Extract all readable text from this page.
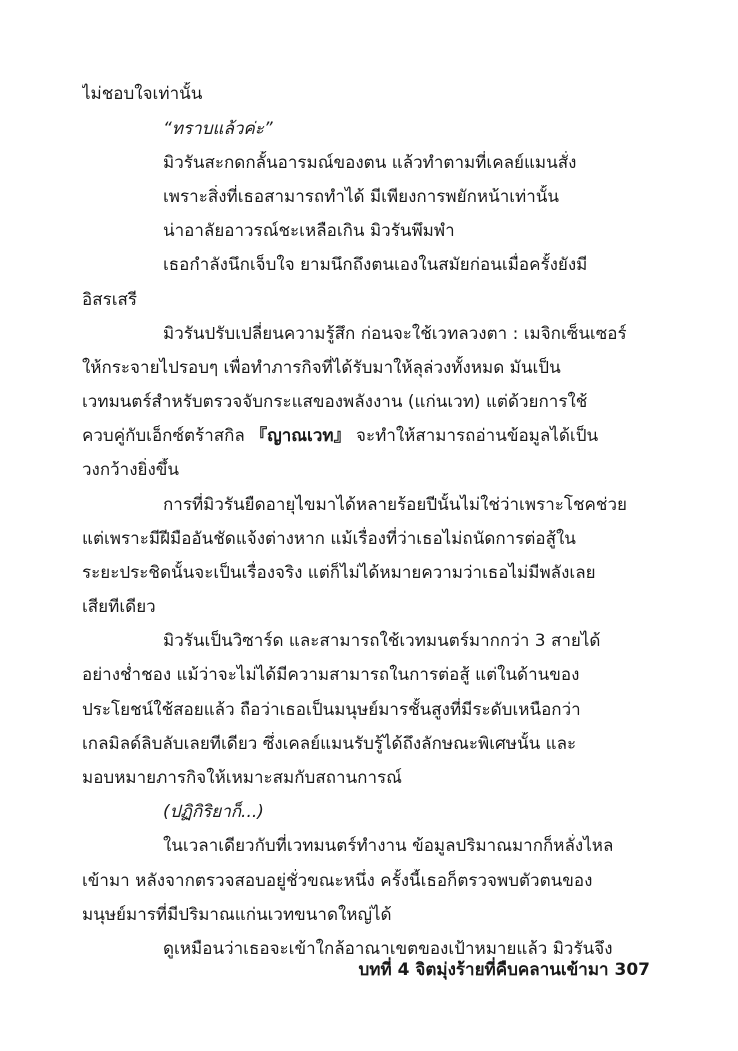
ไม่ชอบใจเท่านั้น
“ทราบแล้วค่ะ”
มิวรันสะกดกลั้นอารมณ์ของตน แล้วทำตามที่เคลย์แมนสั่ง
เพราะสิ่งที่เธอสามารถทำได้ มีเพียงการพยักหน้าเท่านั้น
น่าอาลัยอาวรณ์ชะเหลือเกิน มิวรันพึมพำ
เธอกำลังนึกเจ็บใจ ยามนึกถึงตนเองในสมัยก่อนเมื่อครั้งยังมี
อิสรเสรี
มิวรันปรับเปลี่ยนความรู้สึก ก่อนจะใช้เวทลวงตา : เมจิกเซ็นเซอร์
ให้กระจายไปรอบๆ เพื่อทำภารกิจที่ได้รับมาให้ลุล่วงทั้งหมด มันเป็น
เวทมนตร์สำหรับตรวจจับกระแสของพลังงาน (แก่นเวท) แต่ด้วยการใช้
ควบคู่กับเอ็กซ์ตร้าสกิล 『ญาณเวท』 จะทำให้สามารถอ่านข้อมูลได้เป็น
วงกว้างยิ่งขึ้น
การที่มิวรันยืดอายุไขมาได้หลายร้อยปีนั้นไม่ใช่ว่าเพราะโชคช่วย
แต่เพราะมีฝีมืออันชัดแจ้งต่างหาก แม้เรื่องที่ว่าเธอไม่ถนัดการต่อสู้ใน
ระยะประชิดนั้นจะเป็นเรื่องจริง แต่ก็ไม่ได้หมายความว่าเธอไม่มีพลังเลย
เสียทีเดียว
มิวรันเป็นวิซาร์ด และสามารถใช้เวทมนตร์มากกว่า 3 สายได้
อย่างช่ำชอง แม้ว่าจะไม่ได้มีความสามารถในการต่อสู้ แต่ในด้านของ
ประโยชน์ใช้สอยแล้ว ถือว่าเธอเป็นมนุษย์มารชั้นสูงที่มีระดับเหนือกว่า
เกลมิลด์ลิบลับเลยทีเดียว ซึ่งเคลย์แมนรับรู้ได้ถึงลักษณะพิเศษนั้น และ
มอบหมายภารกิจให้เหมาะสมกับสถานการณ์
(ปฏิกิริยาก็...)
ในเวลาเดียวกับที่เวทมนตร์ทำงาน ข้อมูลปริมาณมากก็หลั่งไหล
เข้ามา หลังจากตรวจสอบอยู่ชั่วขณะหนึ่ง ครั้งนี้เธอก็ตรวจพบตัวตนของ
มนุษย์มารที่มีปริมาณแก่นเวทขนาดใหญ่ได้
ดูเหมือนว่าเธอจะเข้าใกล้อาณาเขตของเป้าหมายแล้ว มิวรันจึง
บทที่ 4 จิตมุ่งร้ายที่คืบคลานเข้ามา 307
